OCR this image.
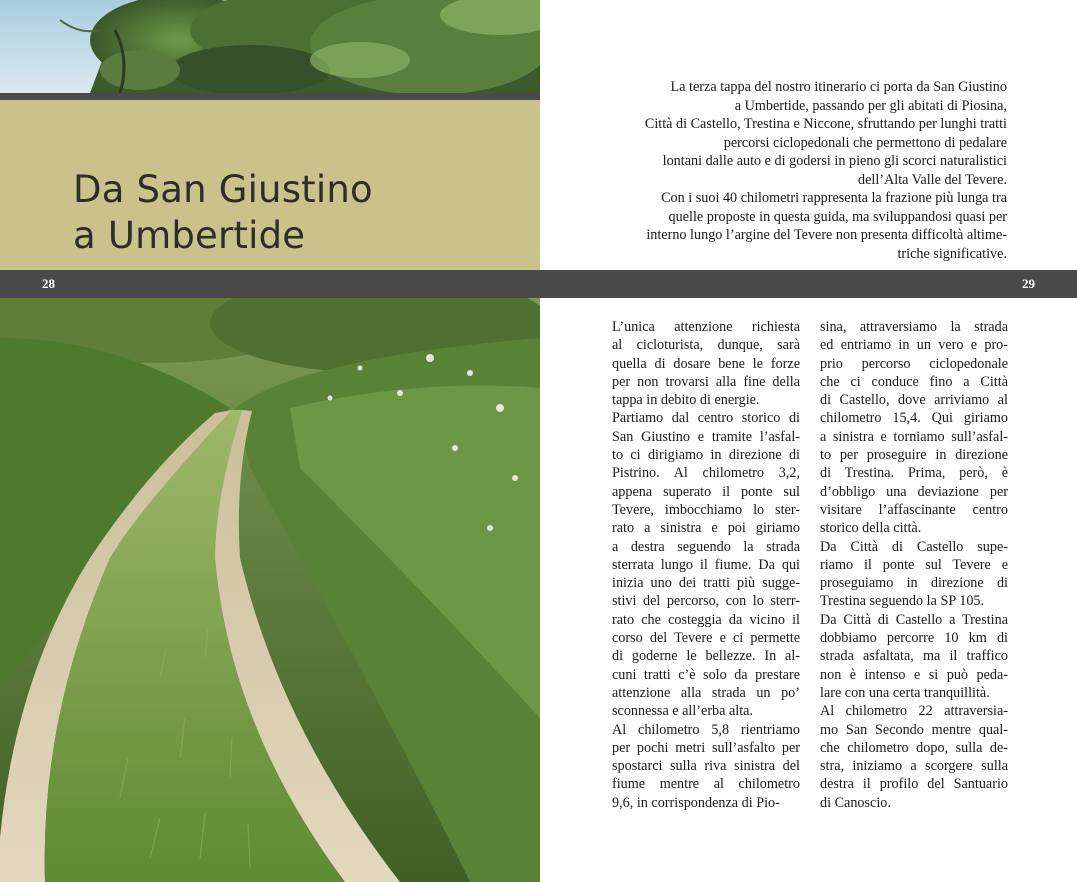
Da San Giustino
a Umbertide
La terza tappa del nostro itinerario ci porta da San Giustino
a Umbertide, passando per gli abitati di Piosina,
Città di Castello, Trestina e Niccone, sfruttando per lunghi tratti
percorsi ciclopedonali che permettono di pedalare
lontani dalle auto e di godersi in pieno gli scorci naturalistici
dell’Alta Valle del Tevere.
Con i suoi 40 chilometri rappresenta la frazione più lunga tra
quelle proposte in questa guida, ma sviluppandosi quasi per
interno lungo l’argine del Tevere non presenta difficoltà altime-
triche significative.
28	29
L’unica attenzione richiesta
al cicloturista, dunque, sarà
quella di dosare bene le forze
per non trovarsi alla fine della
tappa in debito di energie.
Partiamo dal centro storico di
San Giustino e tramite l’asfal-
to ci dirigiamo in direzione di
Pistrino. Al chilometro 3,2,
appena superato il ponte sul
Tevere, imbocchiamo lo ster-
rato a sinistra e poi giriamo
a destra seguendo la strada
sterrata lungo il fiume. Da qui
inizia uno dei tratti più sugge-
stivi del percorso, con lo sterr-
rato che costeggia da vicino il
corso del Tevere e ci permette
di goderne le bellezze. In al-
cuni tratti c’è solo da prestare
attenzione alla strada un po’
sconnessa e all’erba alta.
Al chilometro 5,8 rientriamo
per pochi metri sull’asfalto per
spostarci sulla riva sinistra del
fiume mentre al chilometro
9,6, in corrispondenza di Pio-
sina, attraversiamo la strada
ed entriamo in un vero e pro-
prio percorso ciclopedonale
che ci conduce fino a Città
di Castello, dove arriviamo al
chilometro 15,4. Qui giriamo
a sinistra e torniamo sull’asfal-
to per proseguire in direzione
di Trestina. Prima, però, è
d’obbligo una deviazione per
visitare l’affascinante centro
storico della città.
Da Città di Castello supe-
riamo il ponte sul Tevere e
proseguiamo in direzione di
Trestina seguendo la SP 105.
Da Città di Castello a Trestina
dobbiamo percorre 10 km di
strada asfaltata, ma il traffico
non è intenso e si può peda-
lare con una certa tranquillità.
Al chilometro 22 attraversia-
mo San Secondo mentre qual-
che chilometro dopo, sulla de-
stra, iniziamo a scorgere sulla
destra il profilo del Santuario
di Canoscio.
